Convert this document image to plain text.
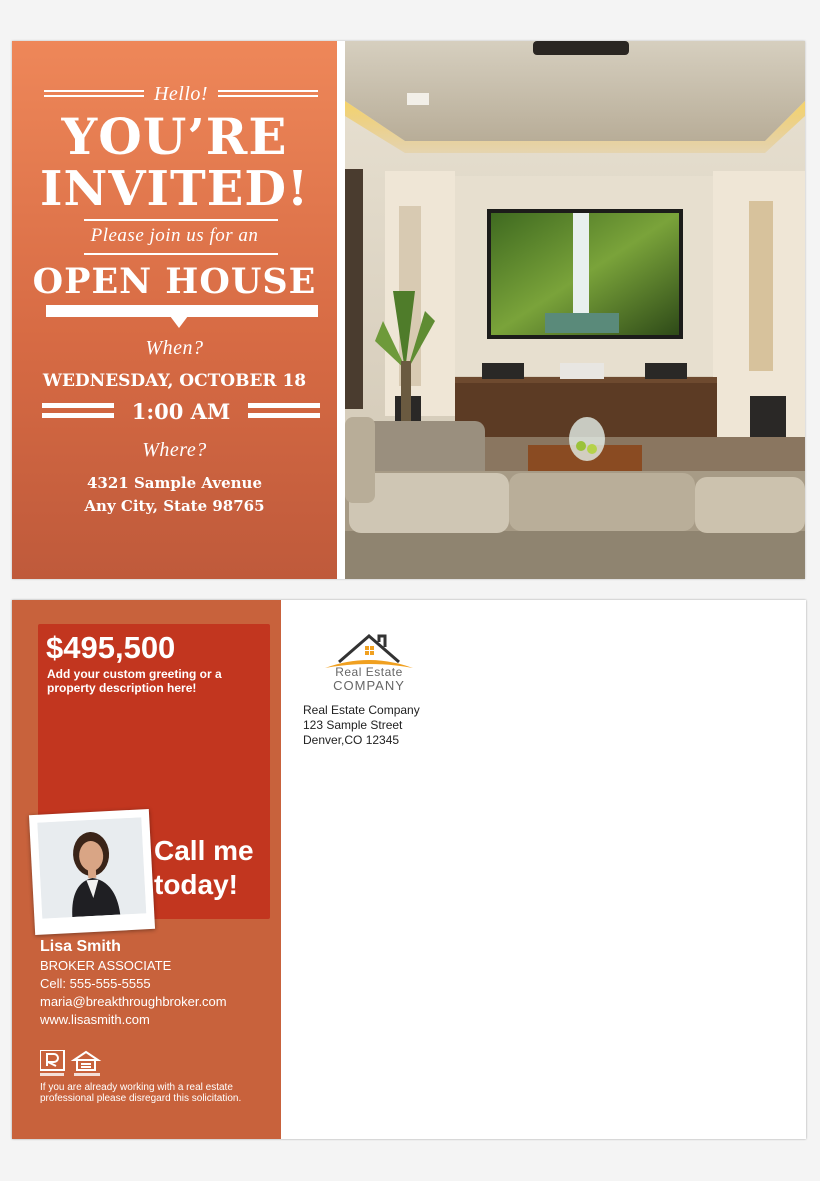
Hello!
YOU’RE
INVITED!
Please join us for an
OPEN HOUSE
When?
WEDNESDAY, OCTOBER 18
1:00 AM
Where?
4321 Sample Avenue
Any City, State 98765
$495,500
Add your custom greeting or a property description here!
Call me
today!
Lisa Smith
BROKER ASSOCIATE
Cell: 555-555-5555
maria@breakthroughbroker.com
www.lisasmith.com
If you are already working with a real estate professional please disregard this solicitation.
Real Estate
COMPANY
Real Estate Company
123 Sample Street
Denver,CO 12345
